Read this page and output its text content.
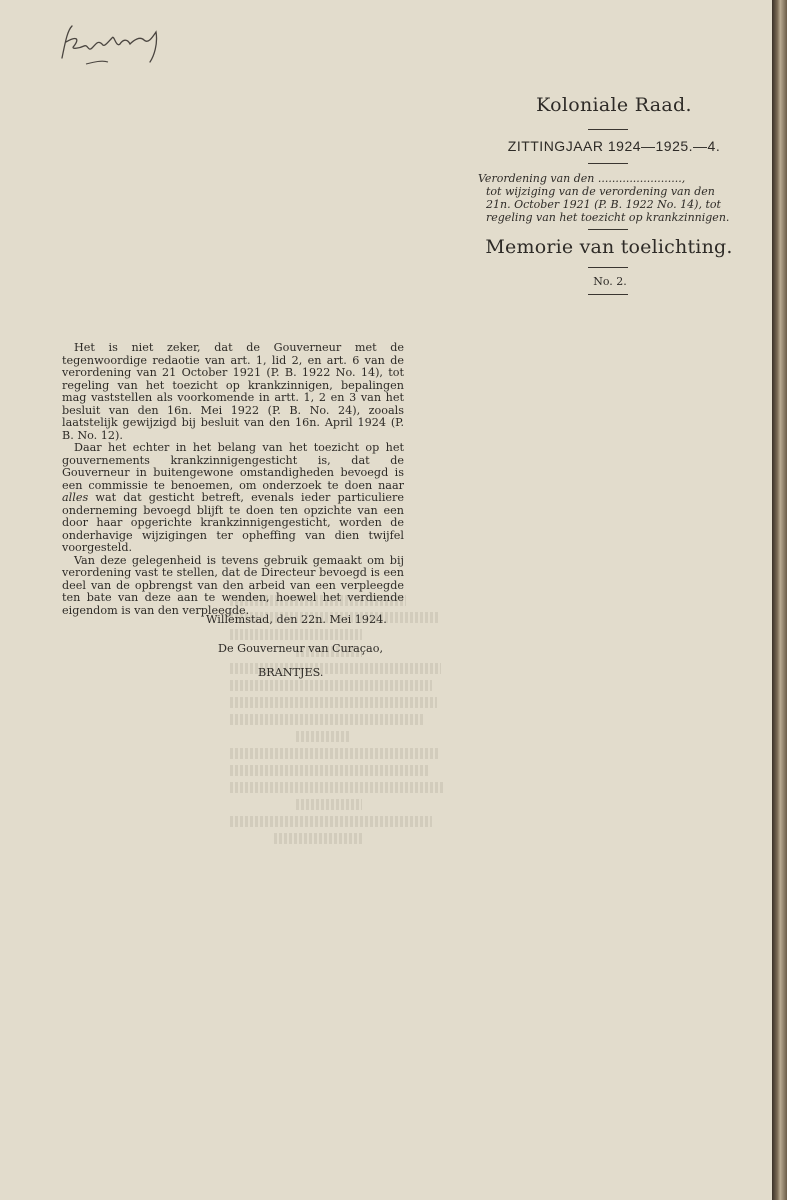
Koloniale Raad.
ZITTINGJAAR 1924—1925.—4.
Verordening van den ........................,
tot wijziging van de verordening van den
21n. October 1921 (P. B. 1922 No. 14), tot
regeling van het toezicht op krankzinnigen.
Memorie van toelichting.
No. 2.

Het is niet zeker, dat de Gouverneur met de tegenwoordige redaotie van art. 1, lid 2, en art. 6 van de verordening van 21 October 1921 (P. B. 1922 No. 14), tot regeling van het toezicht op krankzinnigen, bepalingen mag vaststellen als voorkomende in artt. 1, 2 en 3 van het besluit van den 16n. Mei 1922 (P. B. No. 24), zooals laatstelijk gewijzigd bij besluit van den 16n. April 1924 (P. B. No. 12).

Daar het echter in het belang van het toezicht op het gouvernements krankzinnigengesticht is, dat de Gouverneur in buitengewone omstandigheden bevoegd is een commissie te benoemen, om onderzoek te doen naar alles wat dat gesticht betreft, evenals ieder particuliere onderneming bevoegd blijft te doen ten opzichte van een door haar opgerichte krankzinnigengesticht, worden de onderhavige wijzigingen ter opheffing van dien twijfel voorgesteld.

Van deze gelegenheid is tevens gebruik gemaakt om bij verordening vast te stellen, dat de Directeur bevoegd is een deel van de opbrengst van den arbeid van een verpleegde ten bate van deze aan te wenden, hoewel het verdiende eigendom is van den verpleegde.

Willemstad, den 22n. Mei 1924.
De Gouverneur van Curaçao,
BRANTJES.
